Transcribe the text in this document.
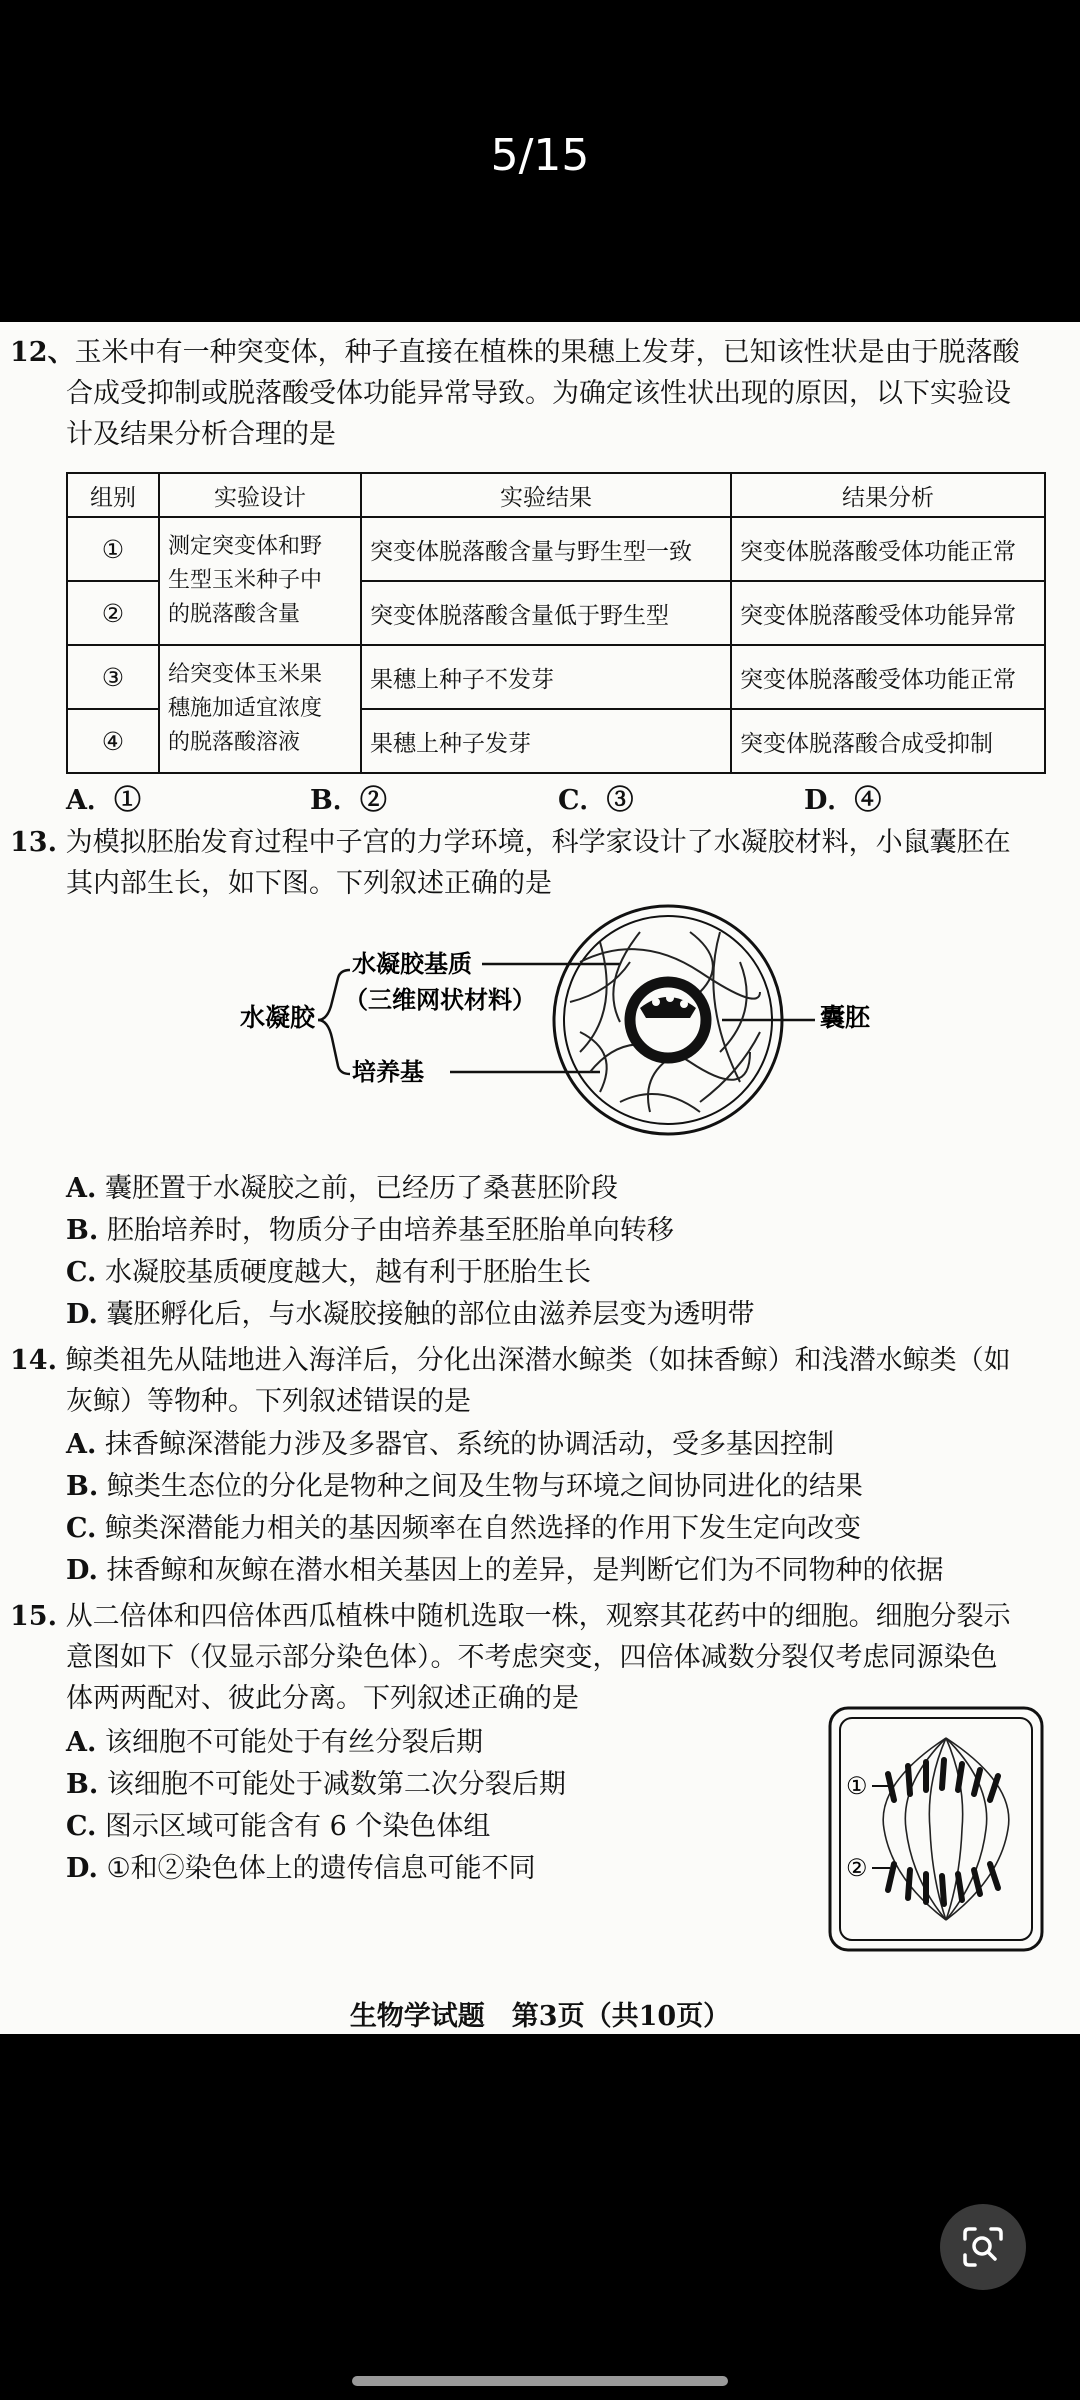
5/15
12、玉米中有一种突变体，种子直接在植株的果穗上发芽，已知该性状是由于脱落酸
合成受抑制或脱落酸受体功能异常导致。为确定该性状出现的原因，以下实验设
计及结果分析合理的是
组别	实验设计	实验结果	结果分析
①	测定突变体和野
生型玉米种子中
的脱落酸含量	突变体脱落酸含量与野生型一致	突变体脱落酸受体功能正常
②		突变体脱落酸含量低于野生型	突变体脱落酸受体功能异常
③	给突变体玉米果
穗施加适宜浓度
的脱落酸溶液	果穗上种子不发芽	突变体脱落酸受体功能正常
④		果穗上种子发芽	突变体脱落酸合成受抑制
A．①	B．②	C．③	D．④
13. 为模拟胚胎发育过程中子宫的力学环境，科学家设计了水凝胶材料，小鼠囊胚在
其内部生长，如下图。下列叙述正确的是
水凝胶
水凝胶基质
（三维网状材料）
培养基
囊胚
A. 囊胚置于水凝胶之前，已经历了桑葚胚阶段
B. 胚胎培养时，物质分子由培养基至胚胎单向转移
C. 水凝胶基质硬度越大，越有利于胚胎生长
D. 囊胚孵化后，与水凝胶接触的部位由滋养层变为透明带
14. 鲸类祖先从陆地进入海洋后，分化出深潜水鲸类（如抹香鲸）和浅潜水鲸类（如
灰鲸）等物种。下列叙述错误的是
A. 抹香鲸深潜能力涉及多器官、系统的协调活动，受多基因控制
B. 鲸类生态位的分化是物种之间及生物与环境之间协同进化的结果
C. 鲸类深潜能力相关的基因频率在自然选择的作用下发生定向改变
D. 抹香鲸和灰鲸在潜水相关基因上的差异，是判断它们为不同物种的依据
15. 从二倍体和四倍体西瓜植株中随机选取一株，观察其花药中的细胞。细胞分裂示
意图如下（仅显示部分染色体）。不考虑突变，四倍体减数分裂仅考虑同源染色
体两两配对、彼此分离。下列叙述正确的是
A. 该细胞不可能处于有丝分裂后期
B. 该细胞不可能处于减数第二次分裂后期
C. 图示区域可能含有 6 个染色体组
D. ①和②染色体上的遗传信息可能不同
①
②
生物学试题　第3页（共10页）
